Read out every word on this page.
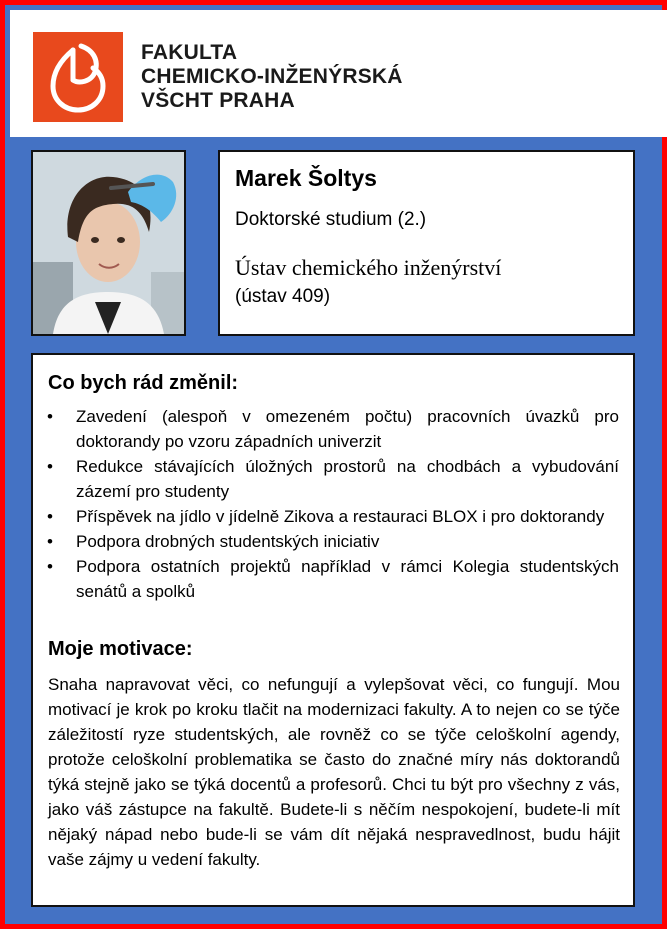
FAKULTA
CHEMICKO-INŽENÝRSKÁ
VŠCHT PRAHA
Marek Šoltys
Doktorské studium (2.)
Ústav chemického inženýrství
(ústav 409)
Co bych rád změnil:
• Zavedení (alespoň v omezeném počtu) pracovních úvazků pro doktorandy po vzoru západních univerzit
• Redukce stávajících úložných prostorů na chodbách a vybudování zázemí pro studenty
• Příspěvek na jídlo v jídelně Zikova a restauraci BLOX i pro doktorandy
• Podpora drobných studentských iniciativ
• Podpora ostatních projektů například v rámci Kolegia studentských senátů a spolků
Moje motivace:
Snaha napravovat věci, co nefungují a vylepšovat věci, co fungují. Mou motivací je krok po kroku tlačit na modernizaci fakulty. A to nejen co se týče záležitostí ryze studentských, ale rovněž co se týče celoškolní agendy, protože celoškolní problematika se často do značné míry nás doktorandů týká stejně jako se týká docentů a profesorů. Chci tu být pro všechny z vás, jako váš zástupce na fakultě. Budete-li s něčím nespokojení, budete-li mít nějaký nápad nebo bude-li se vám dít nějaká nespravedlnost, budu hájit vaše zájmy u vedení fakulty.
